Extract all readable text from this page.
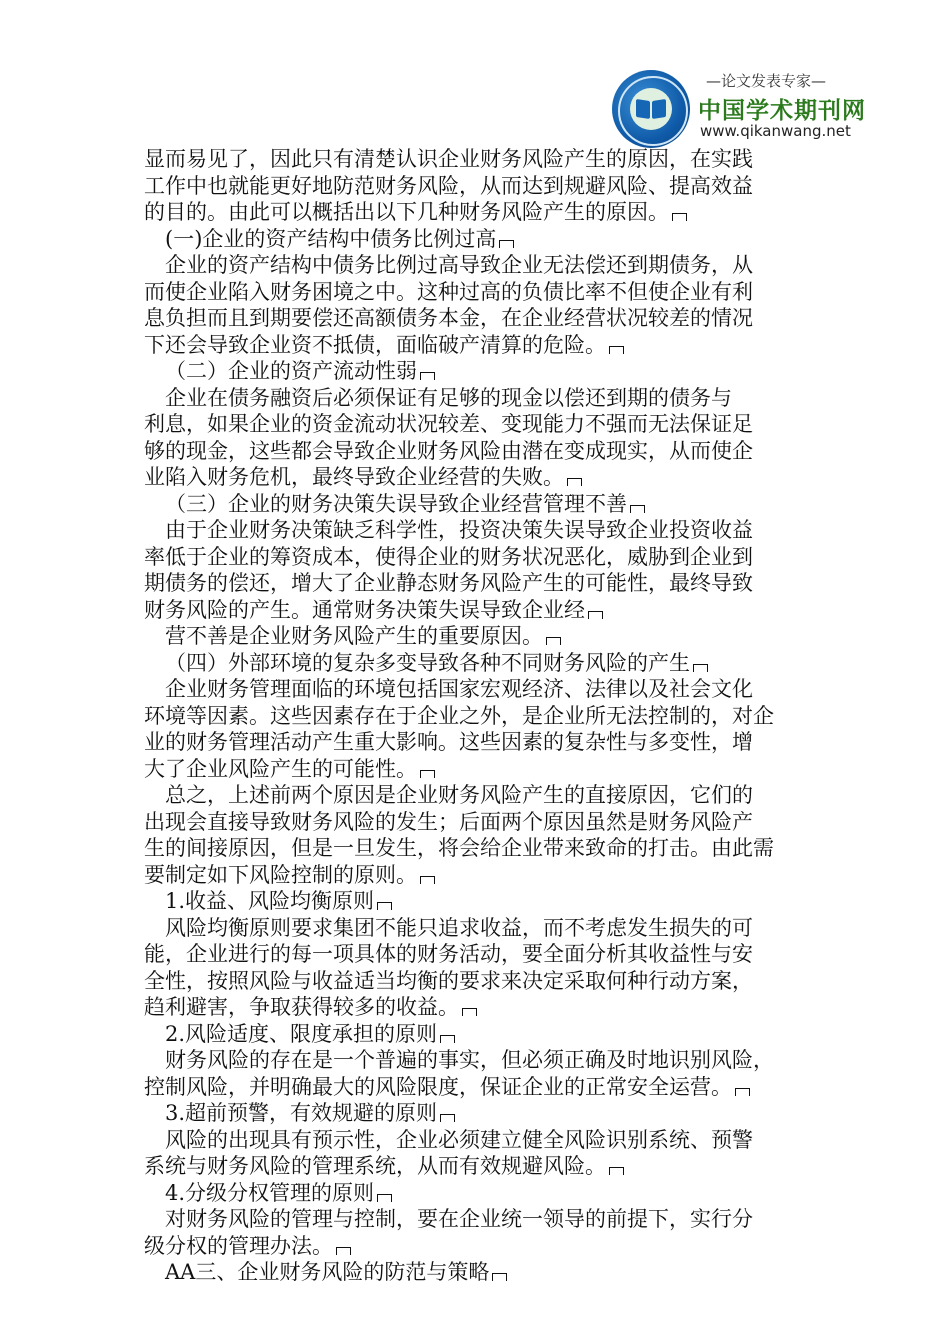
—论文发表专家—
中国学术期刊网
www.qikanwang.net
显而易见了，因此只有清楚认识企业财务风险产生的原因，在实践
工作中也就能更好地防范财务风险，从而达到规避风险、提高效益
的目的。由此可以概括出以下几种财务风险产生的原因。
(一)企业的资产结构中债务比例过高
企业的资产结构中债务比例过高导致企业无法偿还到期债务，从
而使企业陷入财务困境之中。这种过高的负债比率不但使企业有利
息负担而且到期要偿还高额债务本金，在企业经营状况较差的情况
下还会导致企业资不抵债，面临破产清算的危险。
（二）企业的资产流动性弱
企业在债务融资后必须保证有足够的现金以偿还到期的债务与
利息，如果企业的资金流动状况较差、变现能力不强而无法保证足
够的现金，这些都会导致企业财务风险由潜在变成现实，从而使企
业陷入财务危机，最终导致企业经营的失败。
（三）企业的财务决策失误导致企业经营管理不善
由于企业财务决策缺乏科学性，投资决策失误导致企业投资收益
率低于企业的筹资成本，使得企业的财务状况恶化，威胁到企业到
期债务的偿还，增大了企业静态财务风险产生的可能性，最终导致
财务风险的产生。通常财务决策失误导致企业经
营不善是企业财务风险产生的重要原因。
（四）外部环境的复杂多变导致各种不同财务风险的产生
企业财务管理面临的环境包括国家宏观经济、法律以及社会文化
环境等因素。这些因素存在于企业之外，是企业所无法控制的，对企
业的财务管理活动产生重大影响。这些因素的复杂性与多变性，增
大了企业风险产生的可能性。
总之，上述前两个原因是企业财务风险产生的直接原因，它们的
出现会直接导致财务风险的发生；后面两个原因虽然是财务风险产
生的间接原因，但是一旦发生，将会给企业带来致命的打击。由此需
要制定如下风险控制的原则。
1.收益、风险均衡原则
风险均衡原则要求集团不能只追求收益，而不考虑发生损失的可
能，企业进行的每一项具体的财务活动，要全面分析其收益性与安
全性，按照风险与收益适当均衡的要求来决定采取何种行动方案，
趋利避害，争取获得较多的收益。
2.风险适度、限度承担的原则
财务风险的存在是一个普遍的事实，但必须正确及时地识别风险，
控制风险，并明确最大的风险限度，保证企业的正常安全运营。
3.超前预警，有效规避的原则
风险的出现具有预示性，企业必须建立健全风险识别系统、预警
系统与财务风险的管理系统，从而有效规避风险。
4.分级分权管理的原则
对财务风险的管理与控制，要在企业统一领导的前提下，实行分
级分权的管理办法。
AA三、企业财务风险的防范与策略
